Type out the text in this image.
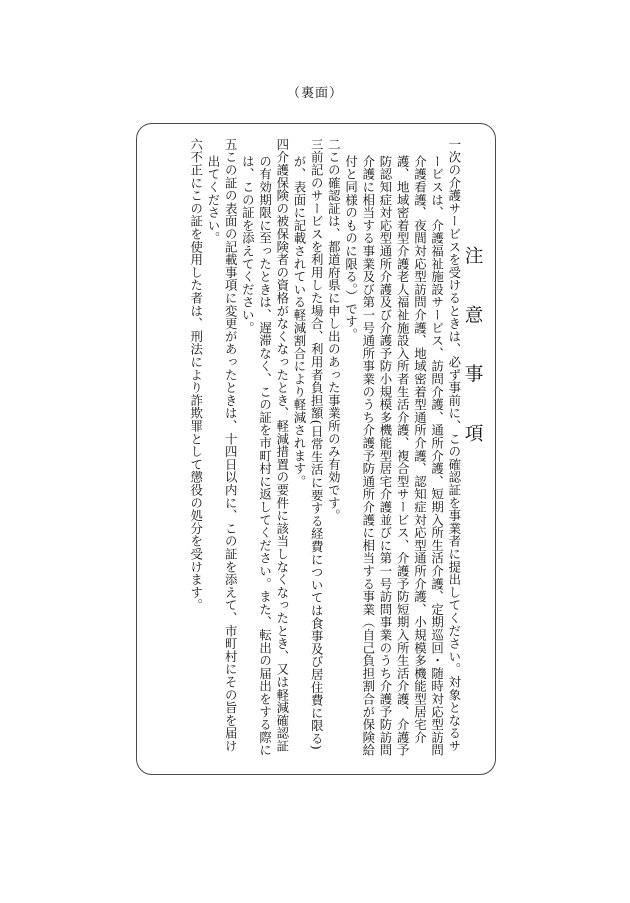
（裏面）
注　意　事　項

一次の介護サービスを受けるときは、必ず事前に、この確認証を事業者に提出してください。対象となるサービスは、介護福祉施設サービス、訪問介護、通所介護、短期入所生活介護、定期巡回・随時対応型訪問介護看護、夜間対応型訪問介護、地域密着型通所介護、認知症対応型通所介護、小規模多機能型居宅介護、地域密着型介護老人福祉施設入所者生活介護、複合型サービス、介護予防短期入所生活介護、介護予防認知症対応型通所介護及び介護予防小規模多機能型居宅介護並びに第一号訪問事業のうち介護予防訪問介護に相当する事業及び第一号通所事業のうち介護予防通所介護に相当する事業（自己負担割合が保険給付と同様のものに限る。）です。

二この確認証は、都道府県に申し出のあった事業所のみ有効です。

三前記のサービスを利用した場合、利用者負担額(日常生活に要する経費については食事及び居住費に限る)が、表面に記載されている軽減割合により軽減されます。

四介護保険の被保険者の資格がなくなったとき、軽減措置の要件に該当しなくなったとき、又は軽減確認証の有効期限に至ったときは、遅滞なく、この証を市町村に返してください。また、転出の届出をする際には、この証を添えてください。

五この証の表面の記載事項に変更があったときは、十四日以内に、この証を添えて、市町村にその旨を届け出てください。

六不正にこの証を使用した者は、刑法により詐欺罪として懲役の処分を受けます。
